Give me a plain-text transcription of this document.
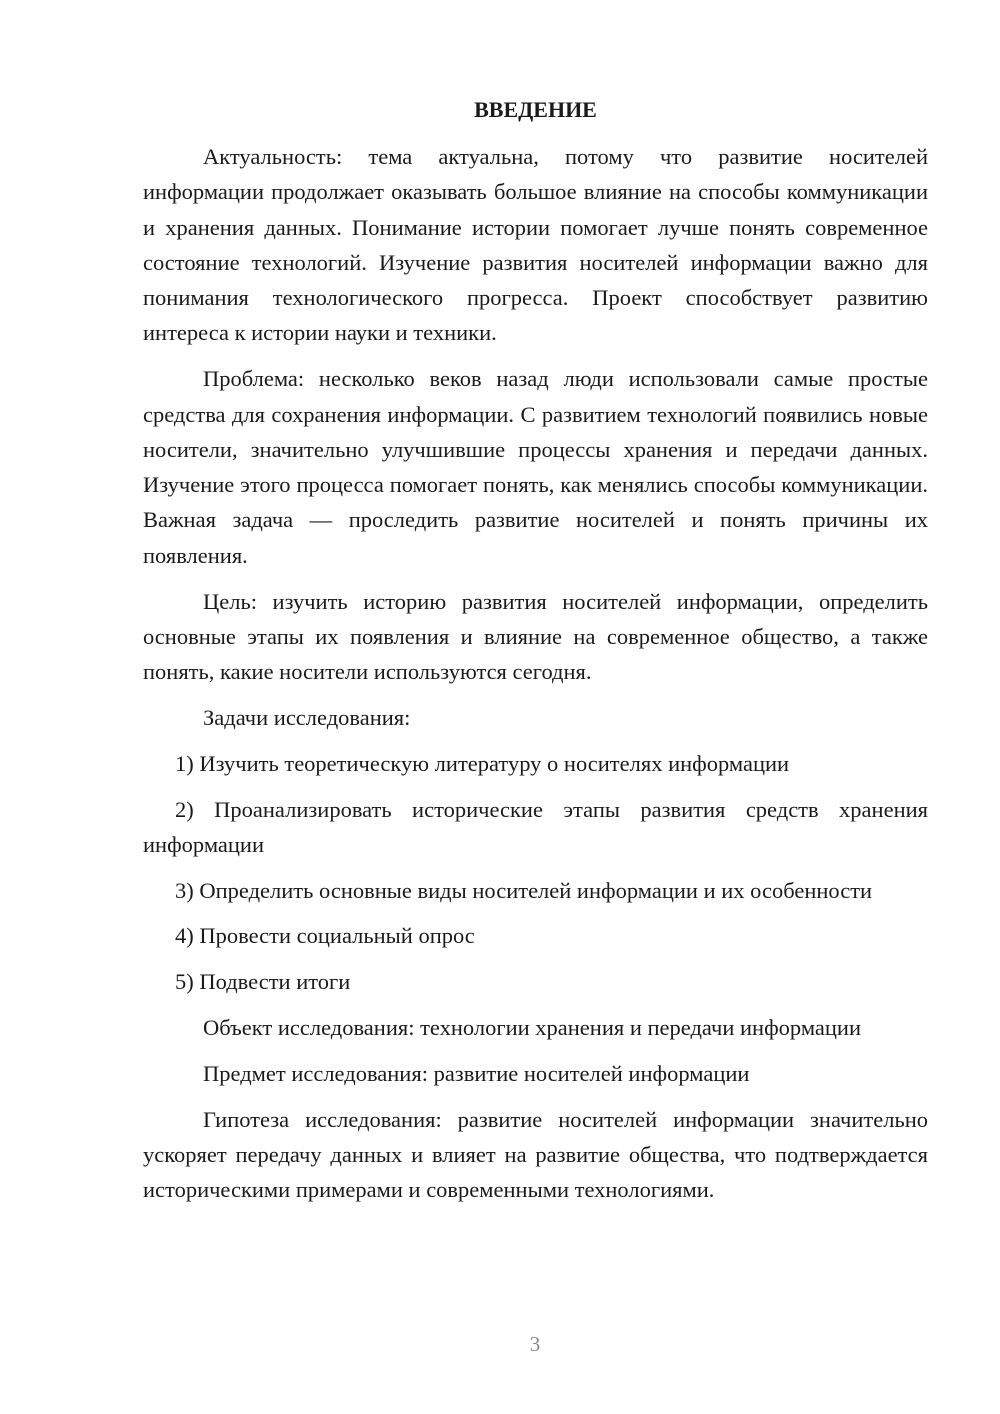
ВВЕДЕНИЕ

Актуальность: тема актуальна, потому что развитие носителей информации продолжает оказывать большое влияние на способы коммуникации и хранения данных. Понимание истории помогает лучше понять современное состояние технологий. Изучение развития носителей информации важно для понимания технологического прогресса. Проект способствует развитию интереса к истории науки и техники.

Проблема: несколько веков назад люди использовали самые простые средства для сохранения информации. С развитием технологий появились новые носители, значительно улучшившие процессы хранения и передачи данных. Изучение этого процесса помогает понять, как менялись способы коммуникации. Важная задача — проследить развитие носителей и понять причины их появления.

Цель: изучить историю развития носителей информации, определить основные этапы их появления и влияние на современное общество, а также понять, какие носители используются сегодня.

Задачи исследования:

1) Изучить теоретическую литературу о носителях информации

2) Проанализировать исторические этапы развития средств хранения информации

3) Определить основные виды носителей информации и их особенности

4) Провести социальный опрос

5) Подвести итоги

Объект исследования: технологии хранения и передачи информации

Предмет исследования: развитие носителей информации

Гипотеза исследования: развитие носителей информации значительно ускоряет передачу данных и влияет на развитие общества, что подтверждается историческими примерами и современными технологиями.

3
